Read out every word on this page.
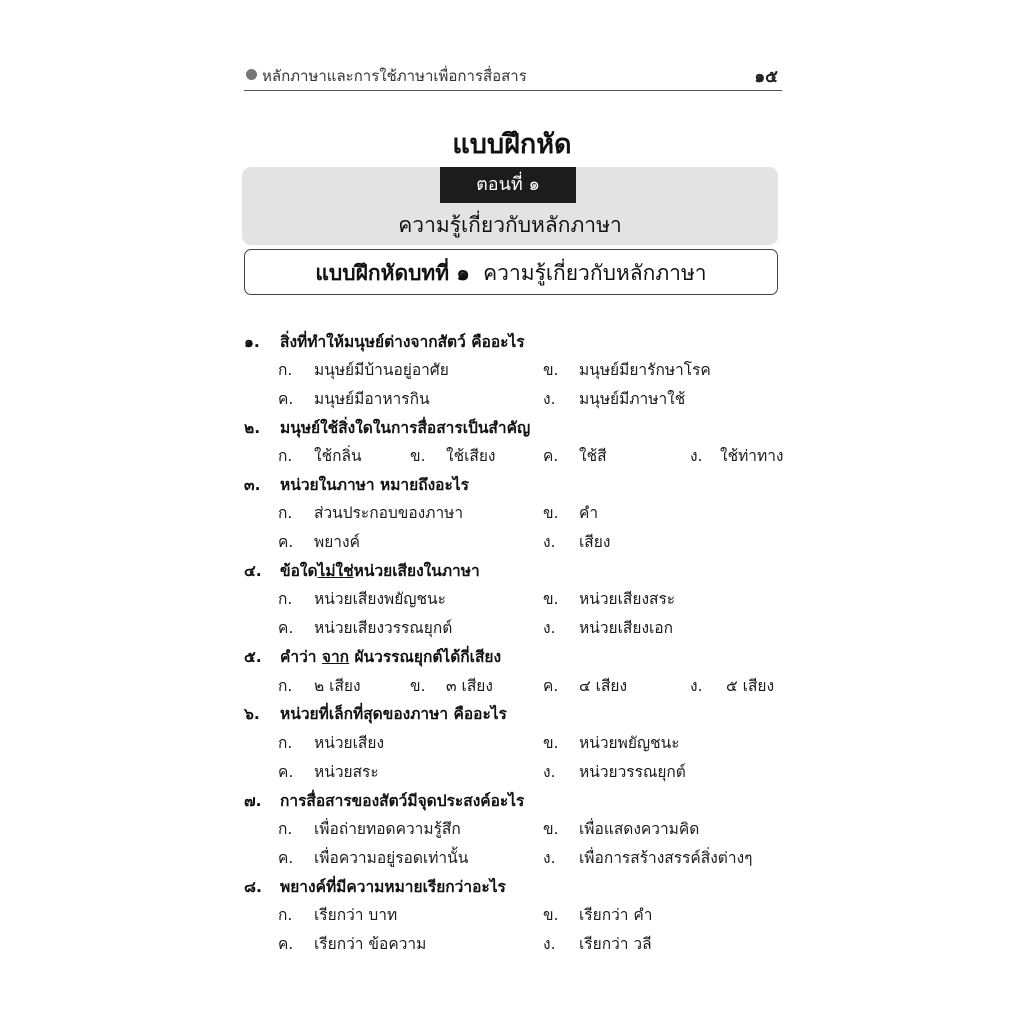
หลักภาษาและการใช้ภาษาเพื่อการสื่อสาร	๑๕
แบบฝึกหัด
ตอนที่ ๑
ความรู้เกี่ยวกับหลักภาษา
แบบฝึกหัดบทที่ ๑ ความรู้เกี่ยวกับหลักภาษา
๑. สิ่งที่ทำให้มนุษย์ต่างจากสัตว์ คืออะไร
ก. มนุษย์มีบ้านอยู่อาศัย	ข. มนุษย์มียารักษาโรค
ค. มนุษย์มีอาหารกิน	ง. มนุษย์มีภาษาใช้
๒. มนุษย์ใช้สิ่งใดในการสื่อสารเป็นสำคัญ
ก. ใช้กลิ่น	ข. ใช้เสียง	ค. ใช้สี	ง. ใช้ท่าทาง
๓. หน่วยในภาษา หมายถึงอะไร
ก. ส่วนประกอบของภาษา	ข. คำ
ค. พยางค์	ง. เสียง
๔. ข้อใดไม่ใช่หน่วยเสียงในภาษา
ก. หน่วยเสียงพยัญชนะ	ข. หน่วยเสียงสระ
ค. หน่วยเสียงวรรณยุกต์	ง. หน่วยเสียงเอก
๕. คำว่า จาก ผันวรรณยุกต์ได้กี่เสียง
ก. ๒ เสียง	ข. ๓ เสียง	ค. ๔ เสียง	ง. ๕ เสียง
๖. หน่วยที่เล็กที่สุดของภาษา คืออะไร
ก. หน่วยเสียง	ข. หน่วยพยัญชนะ
ค. หน่วยสระ	ง. หน่วยวรรณยุกต์
๗. การสื่อสารของสัตว์มีจุดประสงค์อะไร
ก. เพื่อถ่ายทอดความรู้สึก	ข. เพื่อแสดงความคิด
ค. เพื่อความอยู่รอดเท่านั้น	ง. เพื่อการสร้างสรรค์สิ่งต่างๆ
๘. พยางค์ที่มีความหมายเรียกว่าอะไร
ก. เรียกว่า บาท	ข. เรียกว่า คำ
ค. เรียกว่า ข้อความ	ง. เรียกว่า วลี
